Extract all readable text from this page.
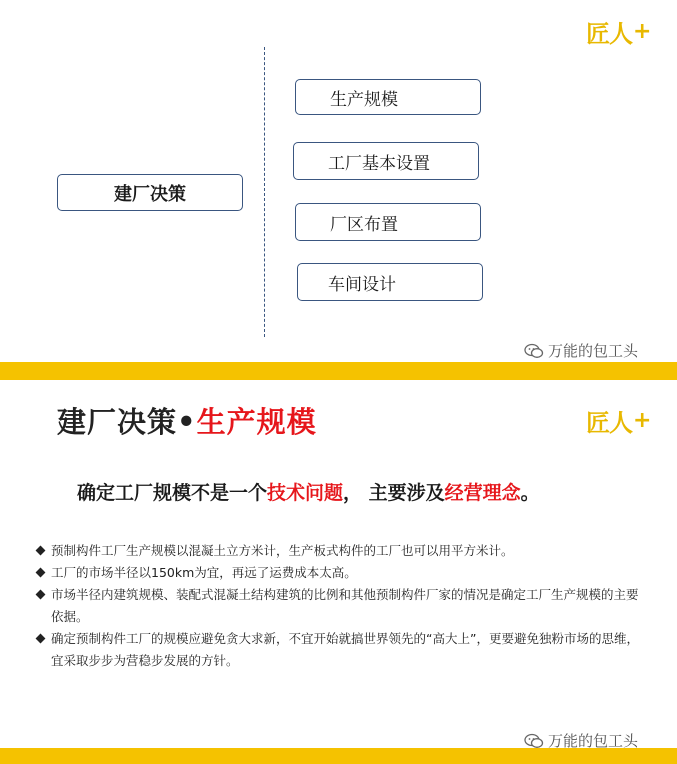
匠人 +
建厂决策
生产规模
工厂基本设置
厂区布置
车间设计
万能的包工头
建厂决策•生产规模	匠人 +
确定工厂规模不是一个技术问题， 主要涉及经营理念。
预制构件工厂生产规模以混凝土立方米计，生产板式构件的工厂也可以用平方米计。
工厂的市场半径以150km为宜，再远了运费成本太高。
市场半径内建筑规模、装配式混凝土结构建筑的比例和其他预制构件厂家的情况是确定工厂生产规模的主要依据。
确定预制构件工厂的规模应避免贪大求新，不宜开始就搞世界领先的“高大上”，更要避免独粉市场的思维，宜采取步步为营稳步发展的方针。
万能的包工头
